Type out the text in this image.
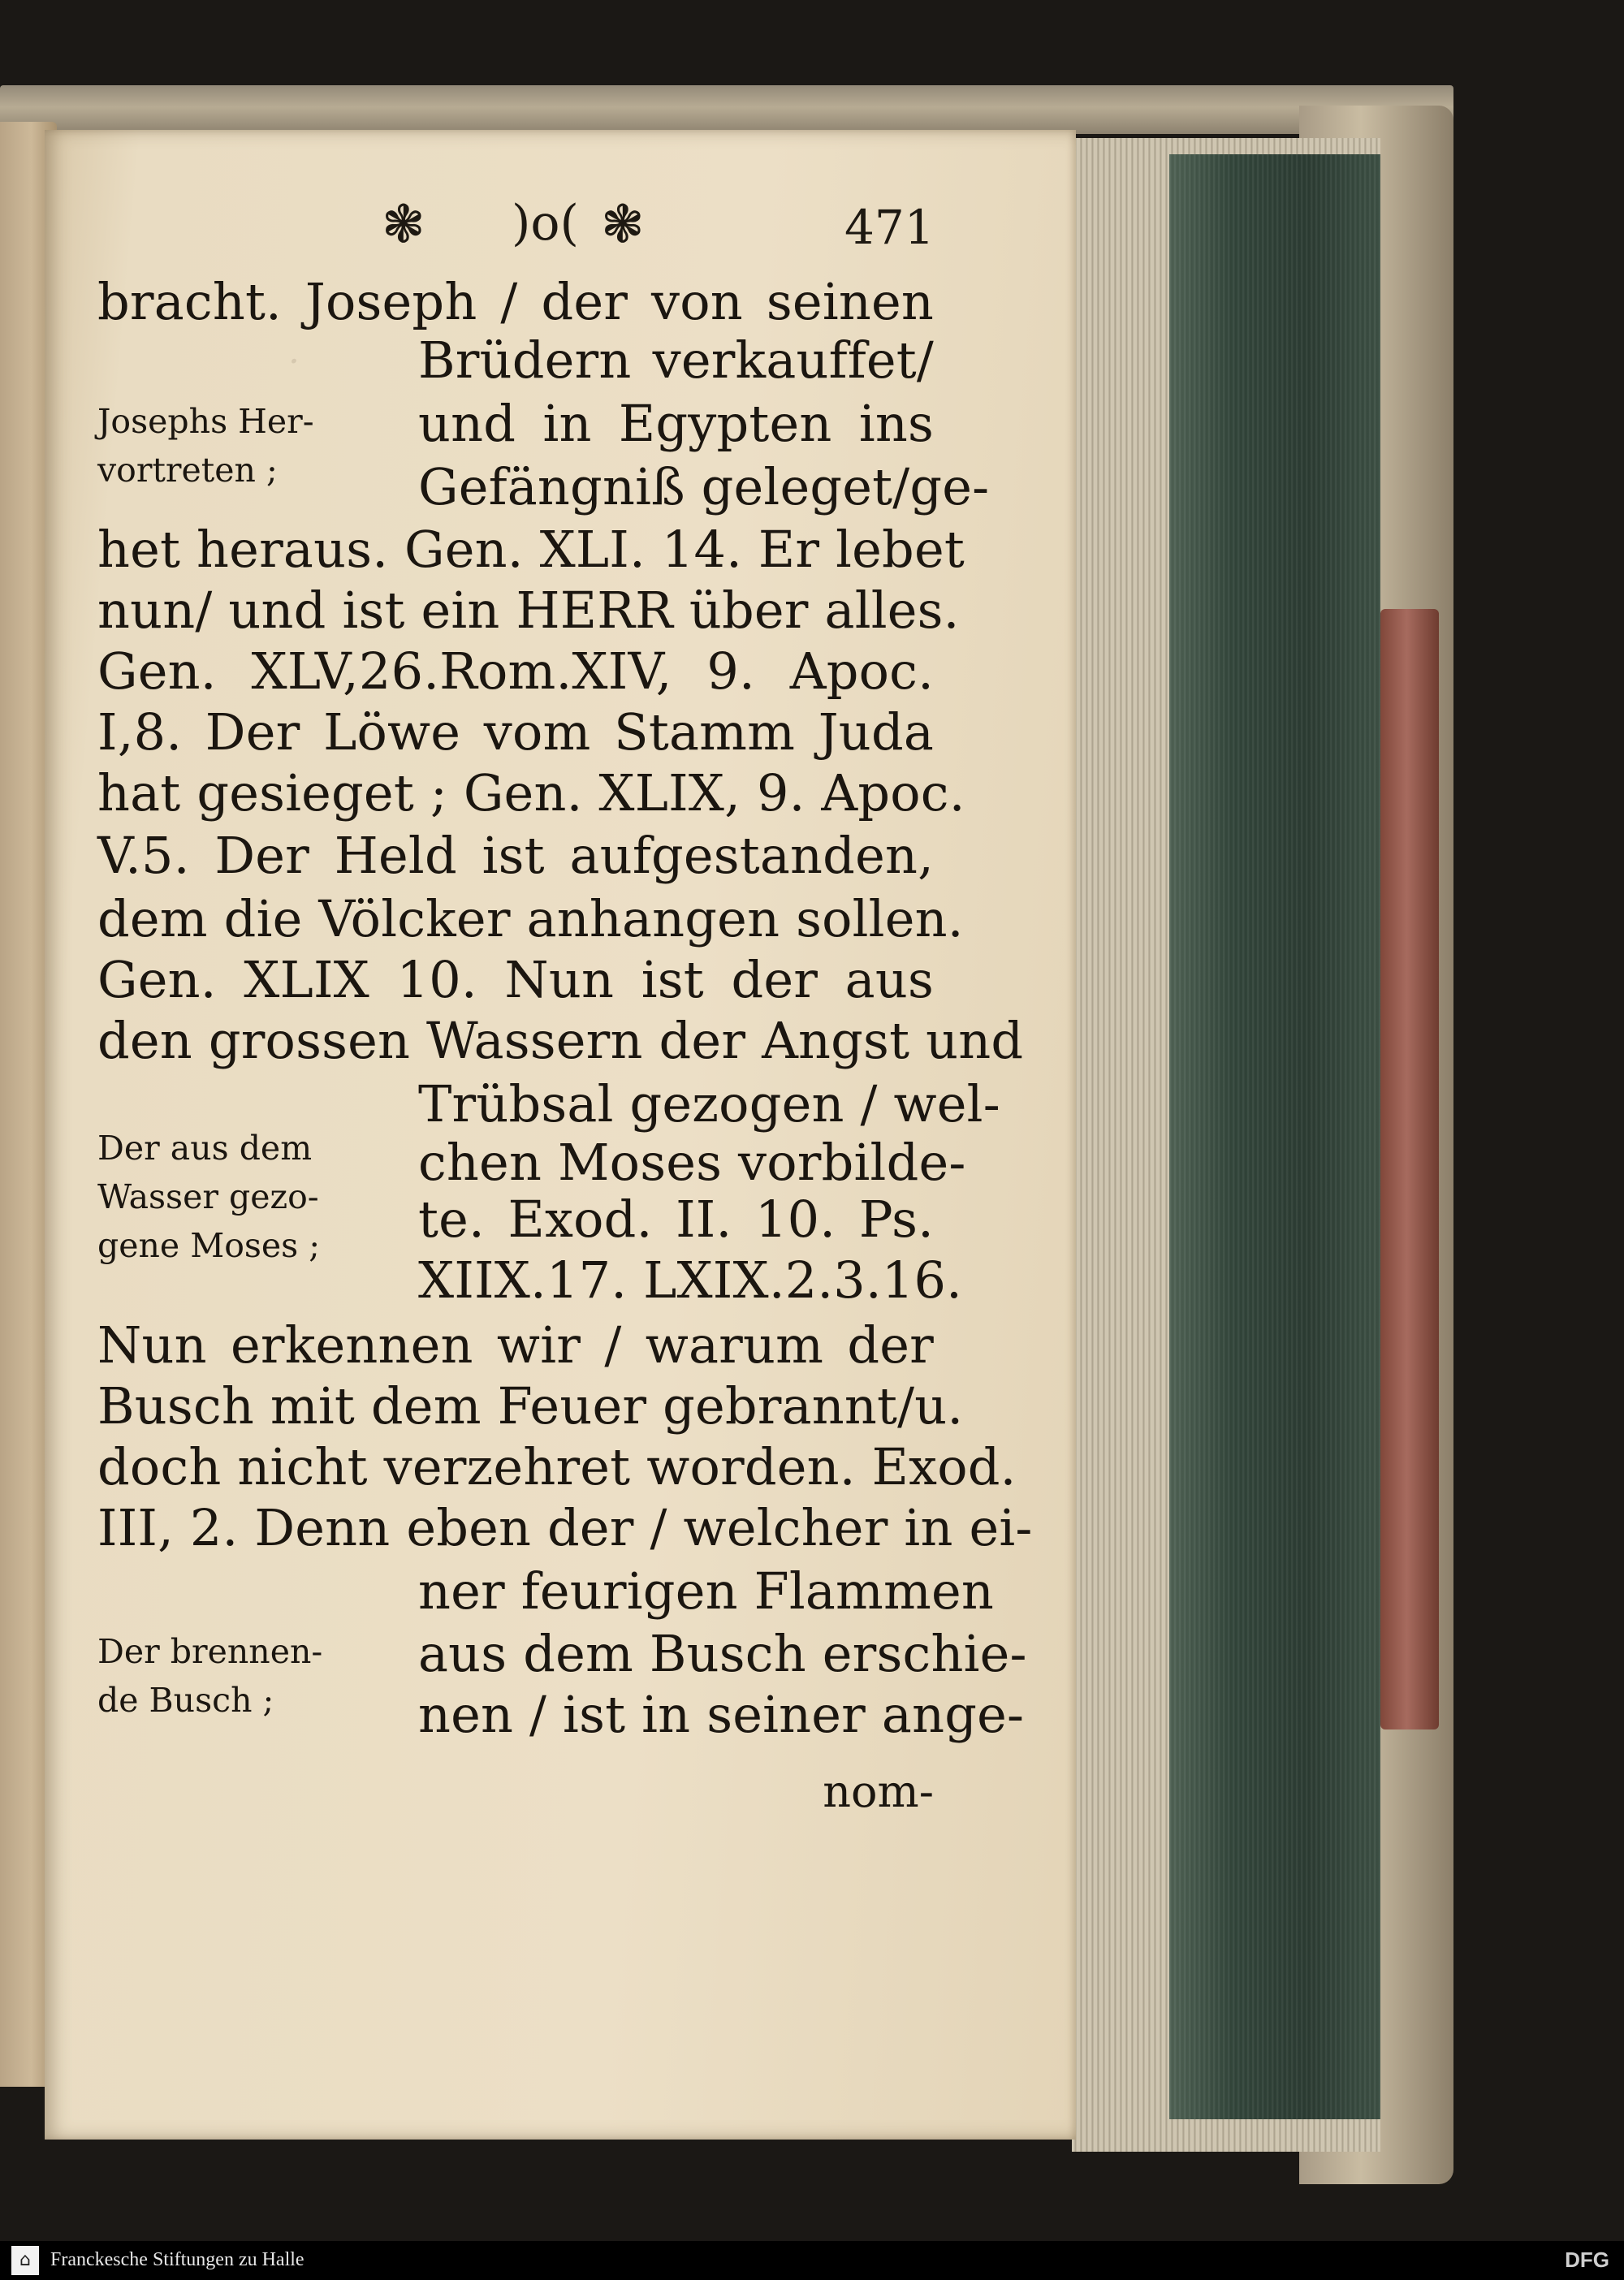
·
❃ )o( ❃	471
bracht. Joseph / der von seinen
Brüdern verkauffet/
und in Egypten ins
Gefängniß geleget/ge-
het heraus. Gen. XLI. 14. Er lebet
nun/ und ist ein HERR über alles.
Gen. XLV,26.Rom.XIV, 9. Apoc.
I,8. Der Löwe vom Stamm Juda
hat gesieget ; Gen. XLIX, 9. Apoc.
V.5. Der Held ist aufgestanden,
dem die Völcker anhangen sollen.
Gen. XLIX 10. Nun ist der aus
den grossen Wassern der Angst und
Trübsal gezogen / wel-
chen Moses vorbilde-
te. Exod. II. 10. Ps.
XIIX.17. LXIX.2.3.16.
Nun erkennen wir / warum der
Busch mit dem Feuer gebrannt/u.
doch nicht verzehret worden. Exod.
III, 2. Denn eben der / welcher in ei-
ner feurigen Flammen
aus dem Busch erschie-
nen / ist in seiner ange-
Josephs Her-
vortreten ;
Der aus dem
Wasser gezo-
gene Moses ;
Der brennen-
de Busch ;
nom-
⌂	Franckesche Stiftungen zu Halle	DFG
